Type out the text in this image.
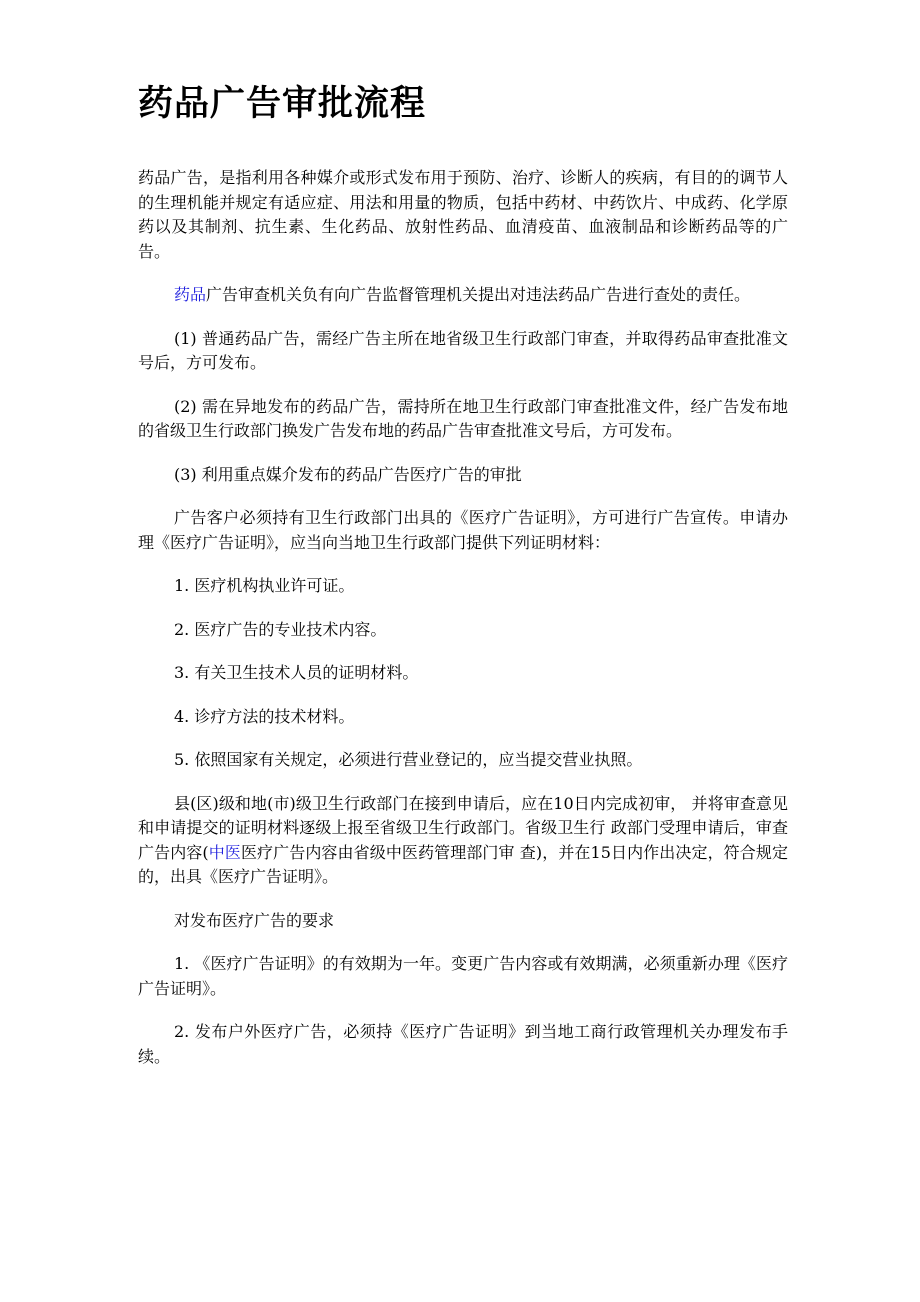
药品广告审批流程

药品广告，是指利用各种媒介或形式发布用于预防、治疗、诊断人的疾病，有目的的调节人的生理机能并规定有适应症、用法和用量的物质，包括中药材、中药饮片、中成药、化学原药以及其制剂、抗生素、生化药品、放射性药品、血清疫苗、血液制品和诊断药品等的广告。

药品广告审查机关负有向广告监督管理机关提出对违法药品广告进行查处的责任。

(1) 普通药品广告，需经广告主所在地省级卫生行政部门审查，并取得药品审查批准文号后，方可发布。

(2) 需在异地发布的药品广告，需持所在地卫生行政部门审查批准文件，经广告发布地的省级卫生行政部门换发广告发布地的药品广告审查批准文号后，方可发布。

(3) 利用重点媒介发布的药品广告医疗广告的审批

广告客户必须持有卫生行政部门出具的《医疗广告证明》，方可进行广告宣传。申请办理《医疗广告证明》，应当向当地卫生行政部门提供下列证明材料：

1. 医疗机构执业许可证。

2. 医疗广告的专业技术内容。

3. 有关卫生技术人员的证明材料。

4. 诊疗方法的技术材料。

5. 依照国家有关规定，必须进行营业登记的，应当提交营业执照。

县(区)级和地(市)级卫生行政部门在接到申请后，应在10日内完成初审， 并将审查意见和申请提交的证明材料逐级上报至省级卫生行政部门。省级卫生行 政部门受理申请后，审查广告内容(中医医疗广告内容由省级中医药管理部门审 查)，并在15日内作出决定，符合规定的，出具《医疗广告证明》。

对发布医疗广告的要求

1. 《医疗广告证明》的有效期为一年。变更广告内容或有效期满，必须重新办理《医疗广告证明》。

2. 发布户外医疗广告，必须持《医疗广告证明》到当地工商行政管理机关办理发布手续。
